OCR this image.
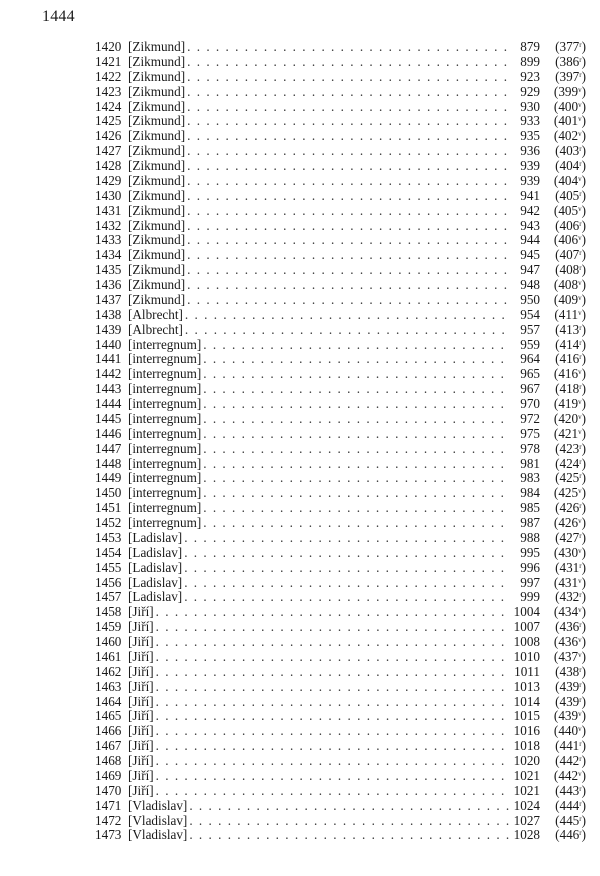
1444
1420 [Zikmund] . . .	879	(377$^r$)
1421 [Zikmund] . . .	899	(386$^r$)
1422 [Zikmund] . . .	923	(397$^r$)
1423 [Zikmund] . . .	929	(399$^v$)
1424 [Zikmund] . . .	930	(400$^v$)
1425 [Zikmund] . . .	933	(401$^v$)
1426 [Zikmund] . . .	935	(402$^v$)
1427 [Zikmund] . . .	936	(403$^r$)
1428 [Zikmund] . . .	939	(404$^r$)
1429 [Zikmund] . . .	939	(404$^v$)
1430 [Zikmund] . . .	941	(405$^r$)
1431 [Zikmund] . . .	942	(405$^v$)
1432 [Zikmund] . . .	943	(406$^r$)
1433 [Zikmund] . . .	944	(406$^v$)
1434 [Zikmund] . . .	945	(407$^r$)
1435 [Zikmund] . . .	947	(408$^r$)
1436 [Zikmund] . . .	948	(408$^v$)
1437 [Zikmund] . . .	950	(409$^v$)
1438 [Albrecht] . . .	954	(411$^v$)
1439 [Albrecht] . . .	957	(413$^r$)
1440 [interregnum] . . .	959	(414$^r$)
1441 [interregnum] . . .	964	(416$^r$)
1442 [interregnum] . . .	965	(416$^v$)
1443 [interregnum] . . .	967	(418$^r$)
1444 [interregnum] . . .	970	(419$^v$)
1445 [interregnum] . . .	972	(420$^v$)
1446 [interregnum] . . .	975	(421$^v$)
1447 [interregnum] . . .	978	(423$^r$)
1448 [interregnum] . . .	981	(424$^r$)
1449 [interregnum] . . .	983	(425$^r$)
1450 [interregnum] . . .	984	(425$^v$)
1451 [interregnum] . . .	985	(426$^r$)
1452 [interregnum] . . .	987	(426$^v$)
1453 [Ladislav] . . .	988	(427$^r$)
1454 [Ladislav] . . .	995	(430$^v$)
1455 [Ladislav] . . .	996	(431$^r$)
1456 [Ladislav] . . .	997	(431$^v$)
1457 [Ladislav] . . .	999	(432$^r$)
1458 [Jiří] . . .	1004	(434$^v$)
1459 [Jiří] . . .	1007	(436$^r$)
1460 [Jiří] . . .	1008	(436$^v$)
1461 [Jiří] . . .	1010	(437$^v$)
1462 [Jiří] . . .	1011	(438$^r$)
1463 [Jiří] . . .	1013	(439$^r$)
1464 [Jiří] . . .	1014	(439$^r$)
1465 [Jiří] . . .	1015	(439$^v$)
1466 [Jiří] . . .	1016	(440$^v$)
1467 [Jiří] . . .	1018	(441$^r$)
1468 [Jiří] . . .	1020	(442$^r$)
1469 [Jiří] . . .	1021	(442$^v$)
1470 [Jiří] . . .	1021	(443$^r$)
1471 [Vladislav] . . .	1024	(444$^r$)
1472 [Vladislav] . . .	1027	(445$^r$)
1473 [Vladislav] . . .	1028	(446$^r$)
